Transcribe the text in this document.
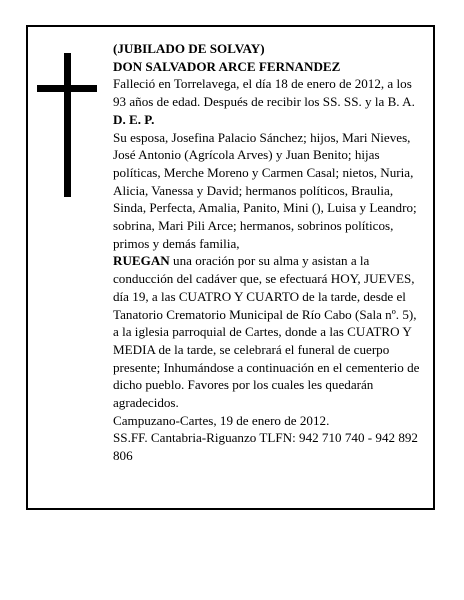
(JUBILADO DE SOLVAY)

DON SALVADOR ARCE FERNANDEZ

Falleció en Torrelavega, el día 18 de enero de 2012, a los 93 años de edad. Después de recibir los SS. SS. y la B. A.

D. E. P.

Su esposa, Josefina Palacio Sánchez; hijos, Mari Nieves, José Antonio (Agrícola Arves) y Juan Benito; hijas políticas, Merche Moreno y Carmen Casal; nietos, Nuria, Alicia, Vanessa y David; hermanos políticos, Braulia, Sinda, Perfecta, Amalia, Panito, Mini (), Luisa y Leandro; sobrina, Mari Pili Arce; hermanos, sobrinos políticos, primos y demás familia,

RUEGAN una oración por su alma y asistan a la conducción del cadáver que, se efectuará HOY, JUEVES, día 19, a las CUATRO Y CUARTO de la tarde, desde el Tanatorio Crematorio Municipal de Río Cabo (Sala nº. 5), a la iglesia parroquial de Cartes, donde a las CUATRO Y MEDIA de la tarde, se celebrará el funeral de cuerpo presente; Inhumándose a continuación en el cementerio de dicho pueblo. Favores por los cuales les quedarán agradecidos.

Campuzano-Cartes, 19 de enero de 2012.

SS.FF. Cantabria-Riguanzo TLFN: 942 710 740 - 942 892 806
